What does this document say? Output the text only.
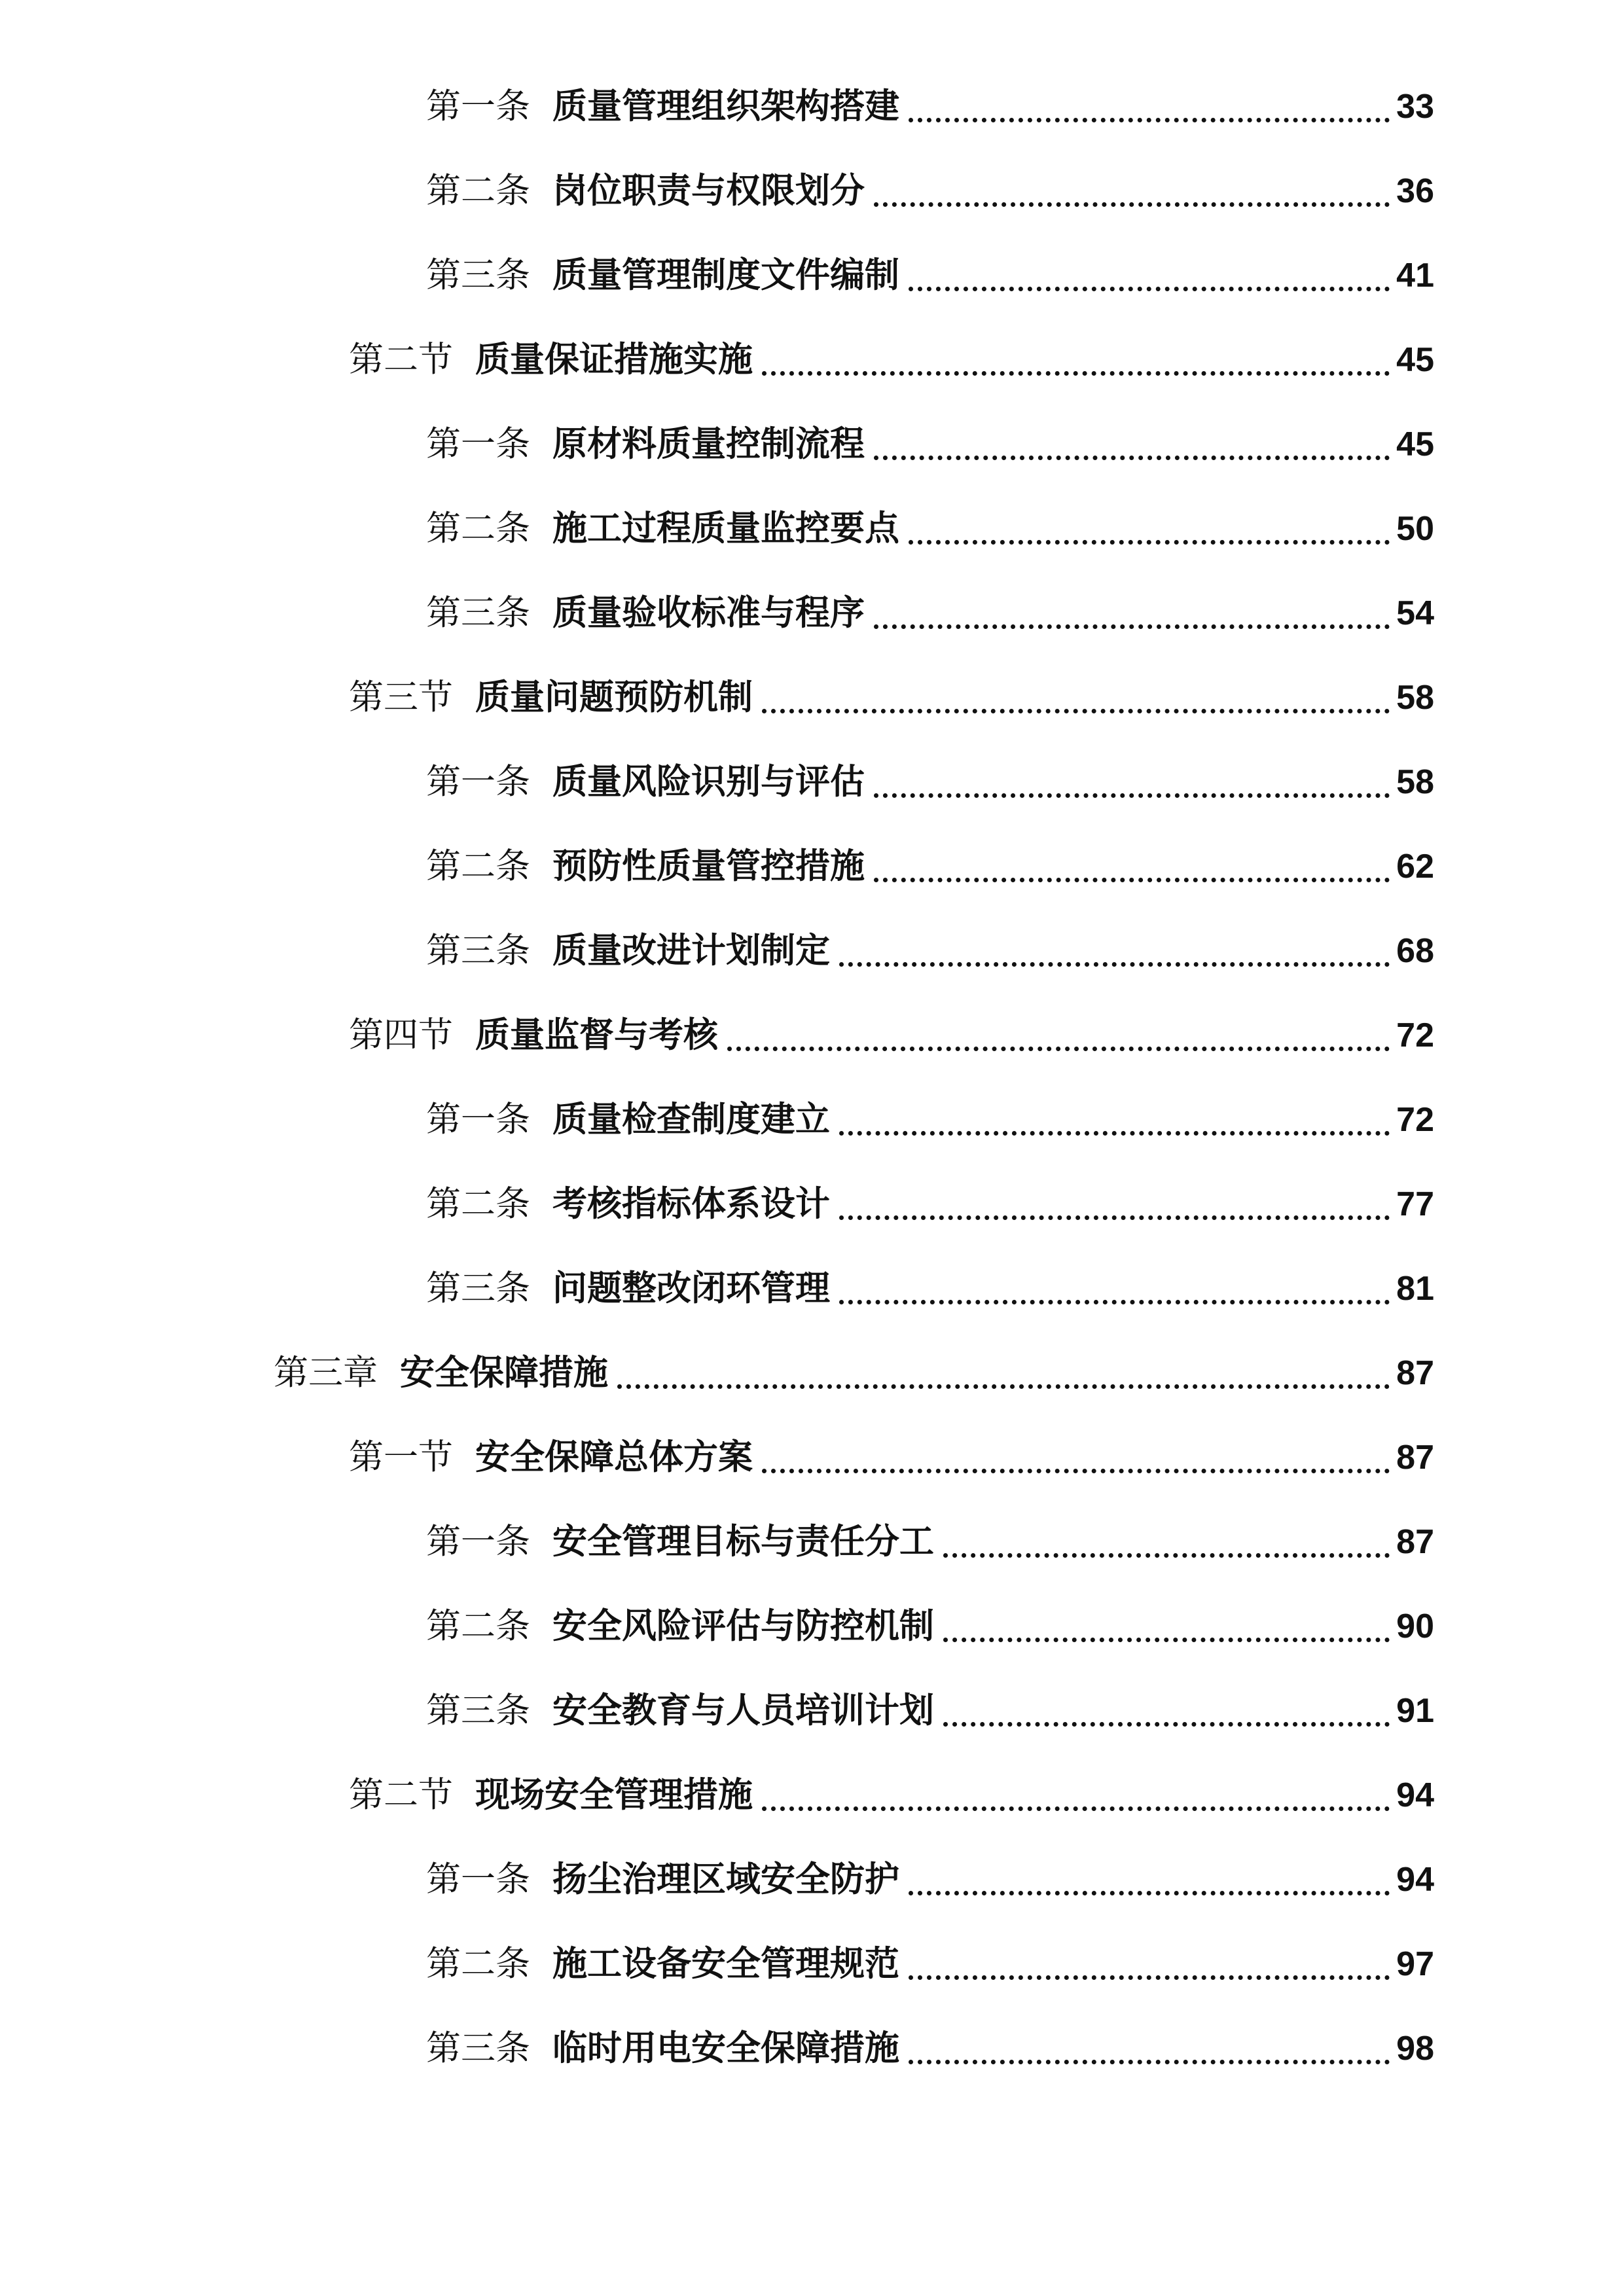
第一条 质量管理组织架构搭建	33
第二条 岗位职责与权限划分	36
第三条 质量管理制度文件编制	41
第二节 质量保证措施实施	45
第一条 原材料质量控制流程	45
第二条 施工过程质量监控要点	50
第三条 质量验收标准与程序	54
第三节 质量问题预防机制	58
第一条 质量风险识别与评估	58
第二条 预防性质量管控措施	62
第三条 质量改进计划制定	68
第四节 质量监督与考核	72
第一条 质量检查制度建立	72
第二条 考核指标体系设计	77
第三条 问题整改闭环管理	81
第三章 安全保障措施	87
第一节 安全保障总体方案	87
第一条 安全管理目标与责任分工	87
第二条 安全风险评估与防控机制	90
第三条 安全教育与人员培训计划	91
第二节 现场安全管理措施	94
第一条 扬尘治理区域安全防护	94
第二条 施工设备安全管理规范	97
第三条 临时用电安全保障措施	98
